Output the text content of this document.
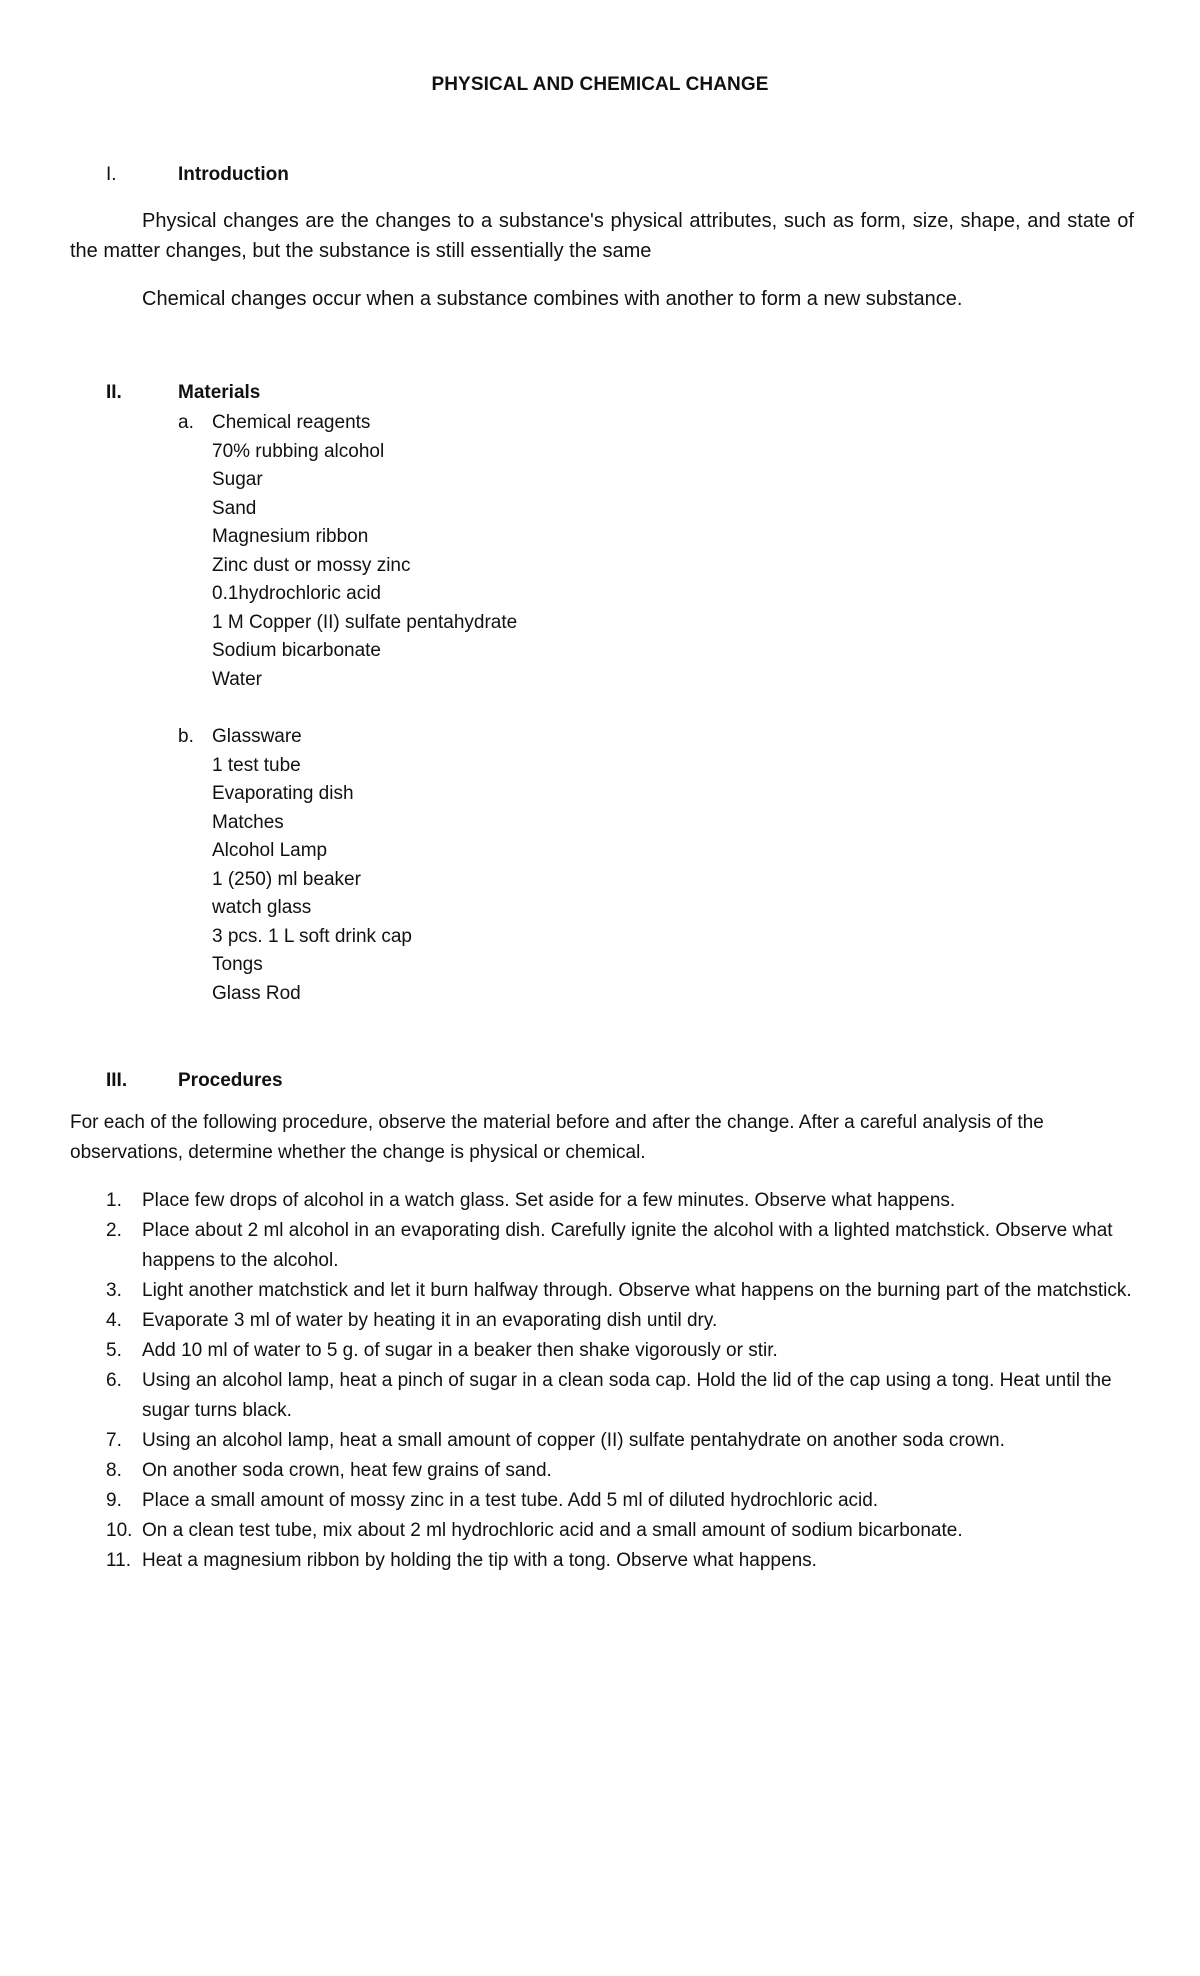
PHYSICAL AND CHEMICAL CHANGE
I.	Introduction

Physical changes are the changes to a substance's physical attributes, such as form, size, shape, and state of the matter changes, but the substance is still essentially the same

Chemical changes occur when a substance combines with another to form a new substance.

II.	Materials
a. Chemical reagents
70% rubbing alcohol
Sugar
Sand
Magnesium ribbon
Zinc dust or mossy zinc
0.1hydrochloric acid
1 M Copper (II) sulfate pentahydrate
Sodium bicarbonate
Water
b. Glassware
1 test tube
Evaporating dish
Matches
Alcohol Lamp
1 (250) ml beaker
watch glass
3 pcs. 1 L soft drink cap
Tongs
Glass Rod
III.	Procedures

For each of the following procedure, observe the material before and after the change. After a careful analysis of the observations, determine whether the change is physical or chemical.

1.	Place few drops of alcohol in a watch glass. Set aside for a few minutes. Observe what happens.

2.	Place about 2 ml alcohol in an evaporating dish. Carefully ignite the alcohol with a lighted matchstick. Observe what happens to the alcohol.

3.	Light another matchstick and let it burn halfway through. Observe what happens on the burning part of the matchstick.

4.	Evaporate 3 ml of water by heating it in an evaporating dish until dry.

5.	Add 10 ml of water to 5 g. of sugar in a beaker then shake vigorously or stir.

6.	Using an alcohol lamp, heat a pinch of sugar in a clean soda cap. Hold the lid of the cap using a tong. Heat until the sugar turns black.

7.	Using an alcohol lamp, heat a small amount of copper (II) sulfate pentahydrate on another soda crown.

8.	On another soda crown, heat few grains of sand.

9.	Place a small amount of mossy zinc in a test tube. Add 5 ml of diluted hydrochloric acid.

10. On a clean test tube, mix about 2 ml hydrochloric acid and a small amount of sodium bicarbonate.

11. Heat a magnesium ribbon by holding the tip with a tong. Observe what happens.
